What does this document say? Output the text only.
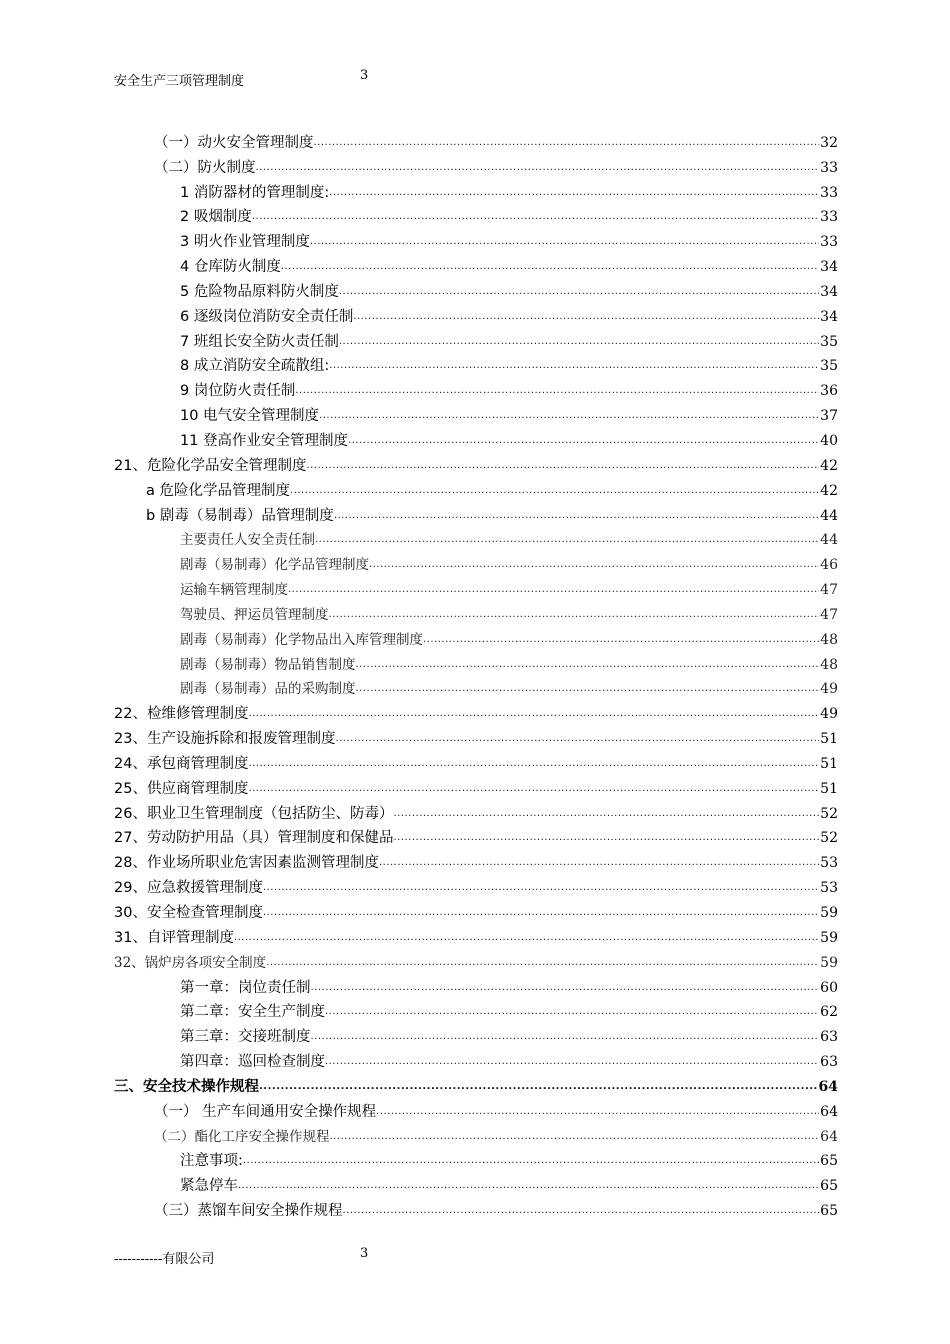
安全生产三项管理制度	3
（一）动火安全管理制度 .....	32
（二）防火制度 .....	33
1 消防器材的管理制度: .....	33
2 吸烟制度 .....	33
3 明火作业管理制度 .....	33
4 仓库防火制度 .....	34
5 危险物品原料防火制度 .....	34
6 逐级岗位消防安全责任制 .....	34
7 班组长安全防火责任制 .....	35
8 成立消防安全疏散组: .....	35
9 岗位防火责任制 .....	36
10 电气安全管理制度 .....	37
11 登高作业安全管理制度 .....	40
21、危险化学品安全管理制度 .....	42
a 危险化学品管理制度 .....	42
b 剧毒（易制毒）品管理制度 .....	44
主要责任人安全责任制 .....	44
剧毒（易制毒）化学品管理制度 .....	46
运输车辆管理制度 .....	47
驾驶员、押运员管理制度 .....	47
剧毒（易制毒）化学物品出入库管理制度 .....	48
剧毒（易制毒）物品销售制度 .....	48
剧毒（易制毒）品的采购制度 .....	49
22、检维修管理制度 .....	49
23、生产设施拆除和报废管理制度 .....	51
24、承包商管理制度 .....	51
25、供应商管理制度 .....	51
26、职业卫生管理制度（包括防尘、防毒） .....	52
27、劳动防护用品（具）管理制度和保健品 .....	52
28、作业场所职业危害因素监测管理制度 .....	53
29、应急救援管理制度 .....	53
30、安全检查管理制度 .....	59
31、自评管理制度 .....	59
32、锅炉房各项安全制度 .....	59
第一章：岗位责任制 .....	60
第二章：安全生产制度 .....	62
第三章：交接班制度 .....	63
第四章：巡回检查制度 .....	63
三、安全技术操作规程 .....	64
（一） 生产车间通用安全操作规程 .....	64
（二）酯化工序安全操作规程 .....	64
注意事项: .....	65
紧急停车 .....	65
（三）蒸馏车间安全操作规程 .....	65
-----------有限公司	3
